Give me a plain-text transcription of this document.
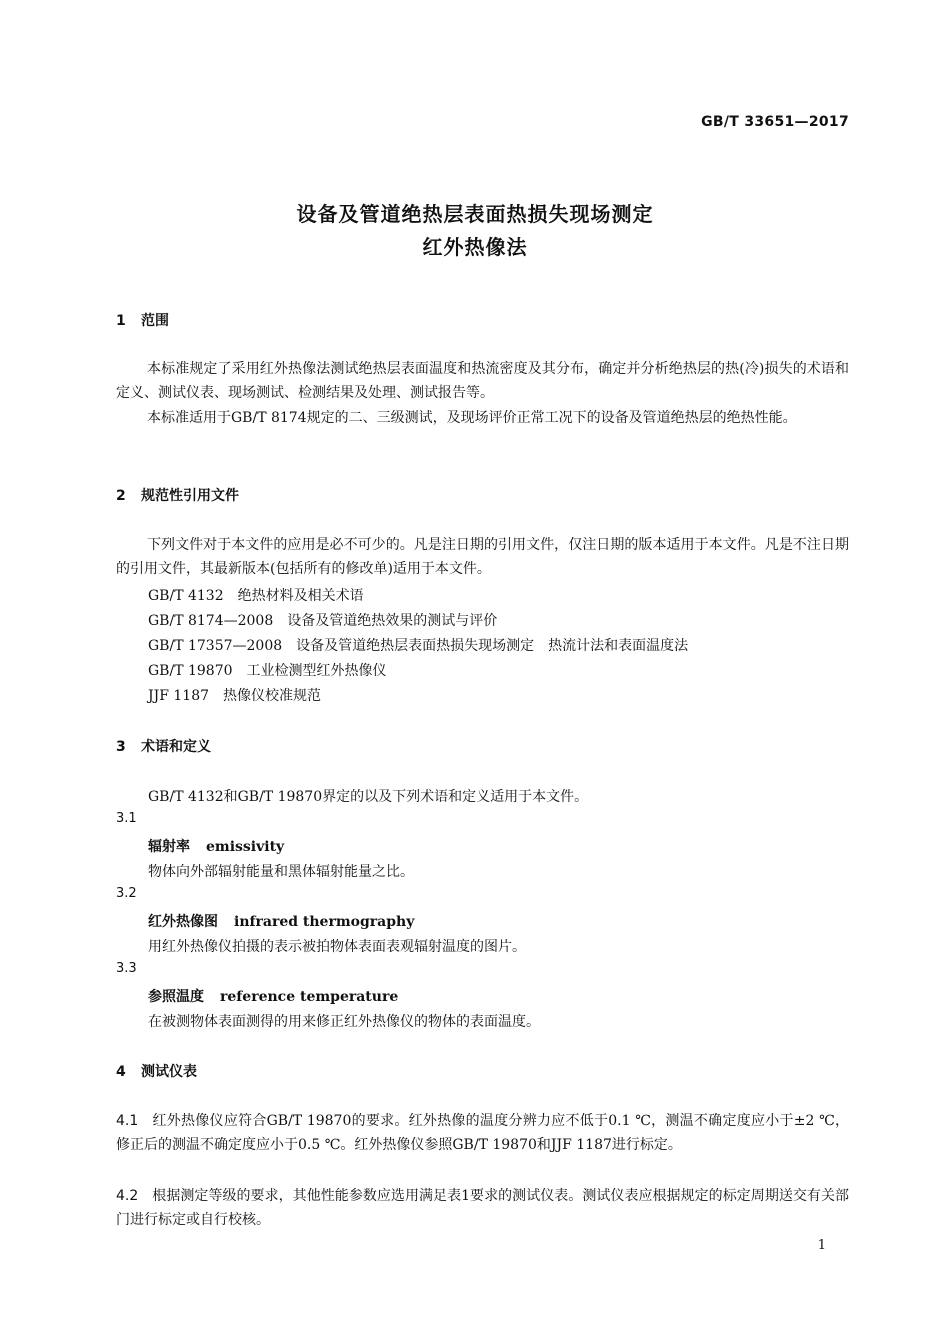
GB/T 33651—2017
设备及管道绝热层表面热损失现场测定
红外热像法
1 范围
本标准规定了采用红外热像法测试绝热层表面温度和热流密度及其分布，确定并分析绝热层的热(冷)损失的术语和定义、测试仪表、现场测试、检测结果及处理、测试报告等。
本标准适用于GB/T 8174规定的二、三级测试，及现场评价正常工况下的设备及管道绝热层的绝热性能。
2 规范性引用文件
下列文件对于本文件的应用是必不可少的。凡是注日期的引用文件，仅注日期的版本适用于本文件。凡是不注日期的引用文件，其最新版本(包括所有的修改单)适用于本文件。
GB/T 4132　绝热材料及相关术语
GB/T 8174—2008　设备及管道绝热效果的测试与评价
GB/T 17357—2008　设备及管道绝热层表面热损失现场测定　热流计法和表面温度法
GB/T 19870　工业检测型红外热像仪
JJF 1187　热像仪校准规范
3 术语和定义
GB/T 4132和GB/T 19870界定的以及下列术语和定义适用于本文件。
3.1
辐射率 emissivity
物体向外部辐射能量和黑体辐射能量之比。
3.2
红外热像图 infrared thermography
用红外热像仪拍摄的表示被拍物体表面表观辐射温度的图片。
3.3
参照温度 reference temperature
在被测物体表面测得的用来修正红外热像仪的物体的表面温度。
4 测试仪表
4.1 红外热像仪应符合GB/T 19870的要求。红外热像的温度分辨力应不低于0.1 ℃，测温不确定度应小于±2 ℃，修正后的测温不确定度应小于0.5 ℃。红外热像仪参照GB/T 19870和JJF 1187进行标定。
4.2 根据测定等级的要求，其他性能参数应选用满足表1要求的测试仪表。测试仪表应根据规定的标定周期送交有关部门进行标定或自行校核。
1
